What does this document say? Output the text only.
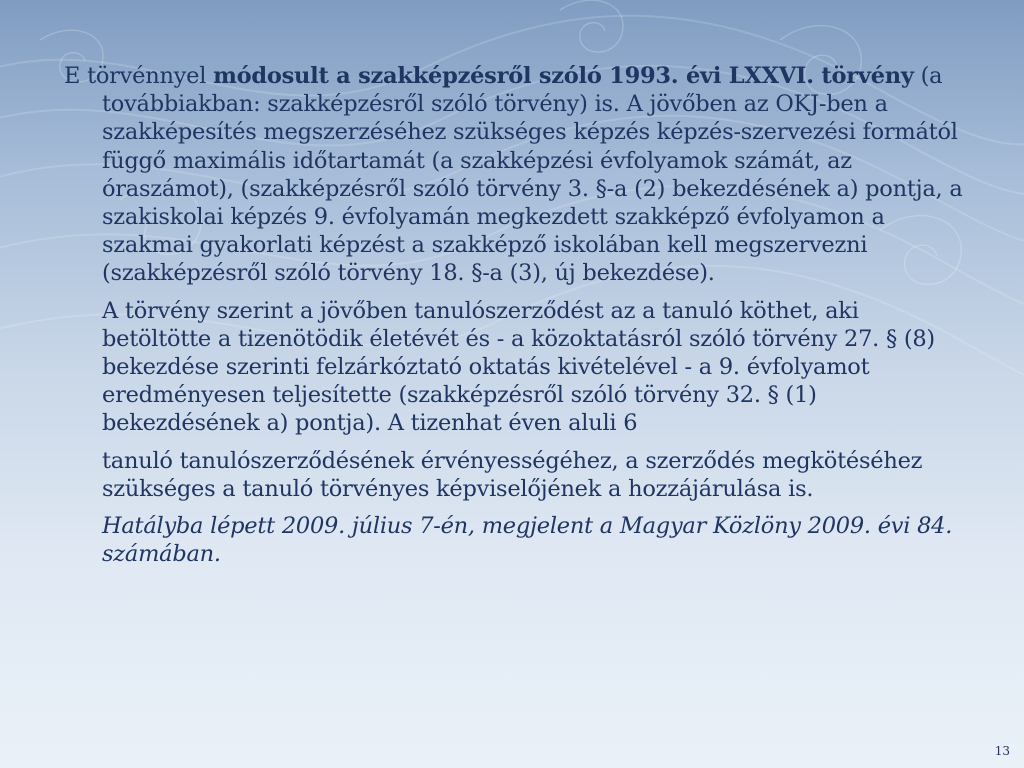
E törvénnyel módosult a szakképzésről szóló 1993. évi LXXVI. törvény (a továbbiakban: szakképzésről szóló törvény) is. A jövőben az OKJ-ben a szakképesítés megszerzéséhez szükséges képzés képzés-szervezési formától függő maximális időtartamát (a szakképzési évfolyamok számát, az óraszámot), (szakképzésről szóló törvény 3. §-a (2) bekezdésének a) pontja, a szakiskolai képzés 9. évfolyamán megkezdett szakképző évfolyamon a szakmai gyakorlati képzést a szakképző iskolában kell megszervezni (szakképzésről szóló törvény 18. §-a (3), új bekezdése).

A törvény szerint a jövőben tanulószerződést az a tanuló köthet, aki betöltötte a tizenötödik életévét és - a közoktatásról szóló törvény 27. § (8) bekezdése szerinti felzárkóztató oktatás kivételével - a 9. évfolyamot eredményesen teljesítette (szakképzésről szóló törvény 32. § (1) bekezdésének a) pontja). A tizenhat éven aluli 6

tanuló tanulószerződésének érvényességéhez, a szerződés megkötéséhez szükséges a tanuló törvényes képviselőjének a hozzájárulása is.

Hatályba lépett 2009. július 7-én, megjelent a Magyar Közlöny 2009. évi 84. számában.

13
